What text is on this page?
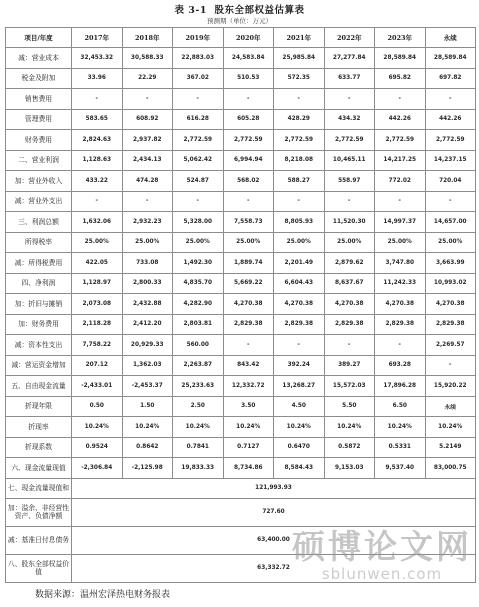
表 3-1  股东全部权益估算表
预测期（单位：万元）
项目/年度	2017年	2018年	2019年	2020年	2021年	2022年	2023年	永续
减：营业成本	32,453.32	30,588.33	22,883.03	24,583.84	25,985.84	27,277.84	28,589.84	28,589.84
税金及附加	33.96	22.29	367.02	510.53	572.35	633.77	695.82	697.82
销售费用	-	-	-	-	-	-	-	-
管理费用	583.65	608.92	616.28	605.28	428.29	434.32	442.26	442.26
财务费用	2,824.63	2,937.82	2,772.59	2,772.59	2,772.59	2,772.59	2,772.59	2,772.59
二、营业利润	1,128.63	2,434.13	5,062.42	6,994.94	8,218.08	10,465.11	14,217.25	14,237.15
加：营业外收入	433.22	474.28	524.87	568.02	588.27	558.97	772.02	720.04
减：营业外支出	-	-	-	-	-	-	-	-
三、利润总额	1,632.06	2,932.23	5,328.00	7,558.73	8,805.93	11,520.30	14,997.37	14,657.00
所得税率	25.00%	25.00%	25.00%	25.00%	25.00%	25.00%	25.00%	25.00%
减：所得税费用	422.05	733.08	1,492.30	1,889.74	2,201.49	2,879.62	3,747.80	3,663.99
四、净利润	1,128.97	2,800.33	4,835.70	5,669.22	6,604.43	8,637.67	11,242.33	10,993.02
加：折旧与摊销	2,073.08	2,432.88	4,282.90	4,270.38	4,270.38	4,270.38	4,270.38	4,270.38
加：财务费用	2,118.28	2,412.20	2,803.81	2,829.38	2,829.38	2,829.38	2,829.38	2,829.38
减：资本性支出	7,758.22	20,929.33	560.00	-	-	-	-	2,269.57
减：营运资金增加	207.12	1,362.03	2,263.87	843.42	392.24	389.27	693.28	-
五、自由现金流量	-2,433.01	-2,453.37	25,233.63	12,332.72	13,268.27	15,572.03	17,896.28	15,920.22
折现年限	0.50	1.50	2.50	3.50	4.50	5.50	6.50	永续
折现率	10.24%	10.24%	10.24%	10.24%	10.24%	10.24%	10.24%	10.24%
折现系数	0.9524	0.8642	0.7841	0.7127	0.6470	0.5872	0.5331	5.2149
六、现金流量现值	-2,306.84	-2,125.98	19,833.33	8,734.86	8,584.43	9,153.03	9,537.40	83,000.75
七、现金流量现值和	121,993.93							
加：溢余、非经营性资产、负债净额	727.60							
减：基准日付息债务	63,400.00							
八、股东全部权益价值	63,332.72							
数据来源：温州宏泽热电财务报表
硕博论文网
sblunwen.com
